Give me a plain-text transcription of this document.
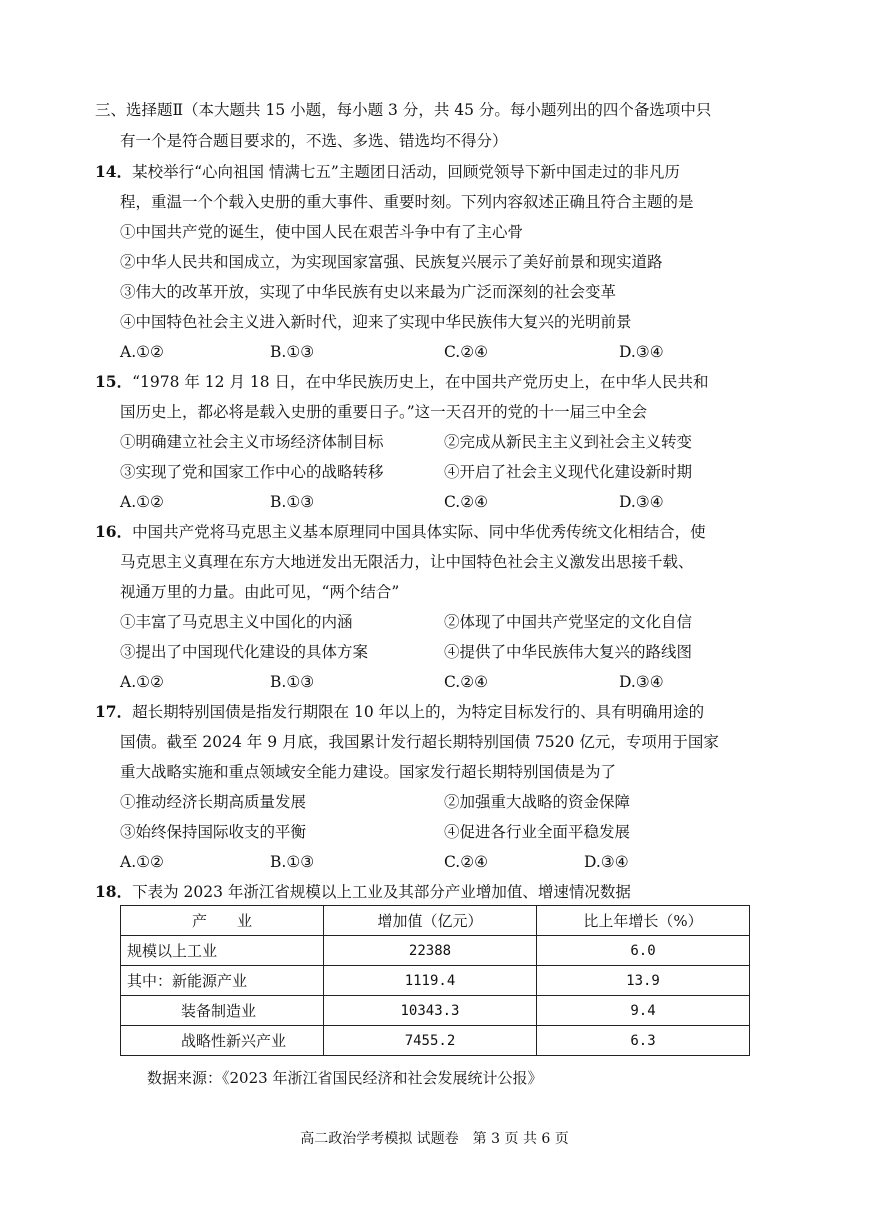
三、选择题Ⅱ（本大题共 15 小题，每小题 3 分，共 45 分。每小题列出的四个备选项中只
有一个是符合题目要求的，不选、多选、错选均不得分）
14．某校举行“心向祖国 情满七五”主题团日活动，回顾党领导下新中国走过的非凡历
程，重温一个个载入史册的重大事件、重要时刻。下列内容叙述正确且符合主题的是
①中国共产党的诞生，使中国人民在艰苦斗争中有了主心骨
②中华人民共和国成立，为实现国家富强、民族复兴展示了美好前景和现实道路
③伟大的改革开放，实现了中华民族有史以来最为广泛而深刻的社会变革
④中国特色社会主义进入新时代，迎来了实现中华民族伟大复兴的光明前景
A.①②	B.①③	C.②④	D.③④
15．“1978 年 12 月 18 日，在中华民族历史上，在中国共产党历史上，在中华人民共和
国历史上，都必将是载入史册的重要日子。”这一天召开的党的十一届三中全会
①明确建立社会主义市场经济体制目标	②完成从新民主主义到社会主义转变
③实现了党和国家工作中心的战略转移	④开启了社会主义现代化建设新时期
A.①②	B.①③	C.②④	D.③④
16．中国共产党将马克思主义基本原理同中国具体实际、同中华优秀传统文化相结合，使
马克思主义真理在东方大地迸发出无限活力，让中国特色社会主义激发出思接千载、
视通万里的力量。由此可见，“两个结合”
①丰富了马克思主义中国化的内涵	②体现了中国共产党坚定的文化自信
③提出了中国现代化建设的具体方案	④提供了中华民族伟大复兴的路线图
A.①②	B.①③	C.②④	D.③④
17．超长期特别国债是指发行期限在 10 年以上的，为特定目标发行的、具有明确用途的
国债。截至 2024 年 9 月底，我国累计发行超长期特别国债 7520 亿元，专项用于国家
重大战略实施和重点领域安全能力建设。国家发行超长期特别国债是为了
①推动经济长期高质量发展	②加强重大战略的资金保障
③始终保持国际收支的平衡	④促进各行业全面平稳发展
A.①②	B.①③	C.②④	D.③④
18．下表为 2023 年浙江省规模以上工业及其部分产业增加值、增速情况数据
产　　业	增加值（亿元）	比上年增长（%）
规模以上工业	22388	6.0
其中：新能源产业	1119.4	13.9
装备制造业	10343.3	9.4
战略性新兴产业	7455.2	6.3
数据来源：《2023 年浙江省国民经济和社会发展统计公报》
高二政治学考模拟 试题卷　第 3 页 共 6 页
